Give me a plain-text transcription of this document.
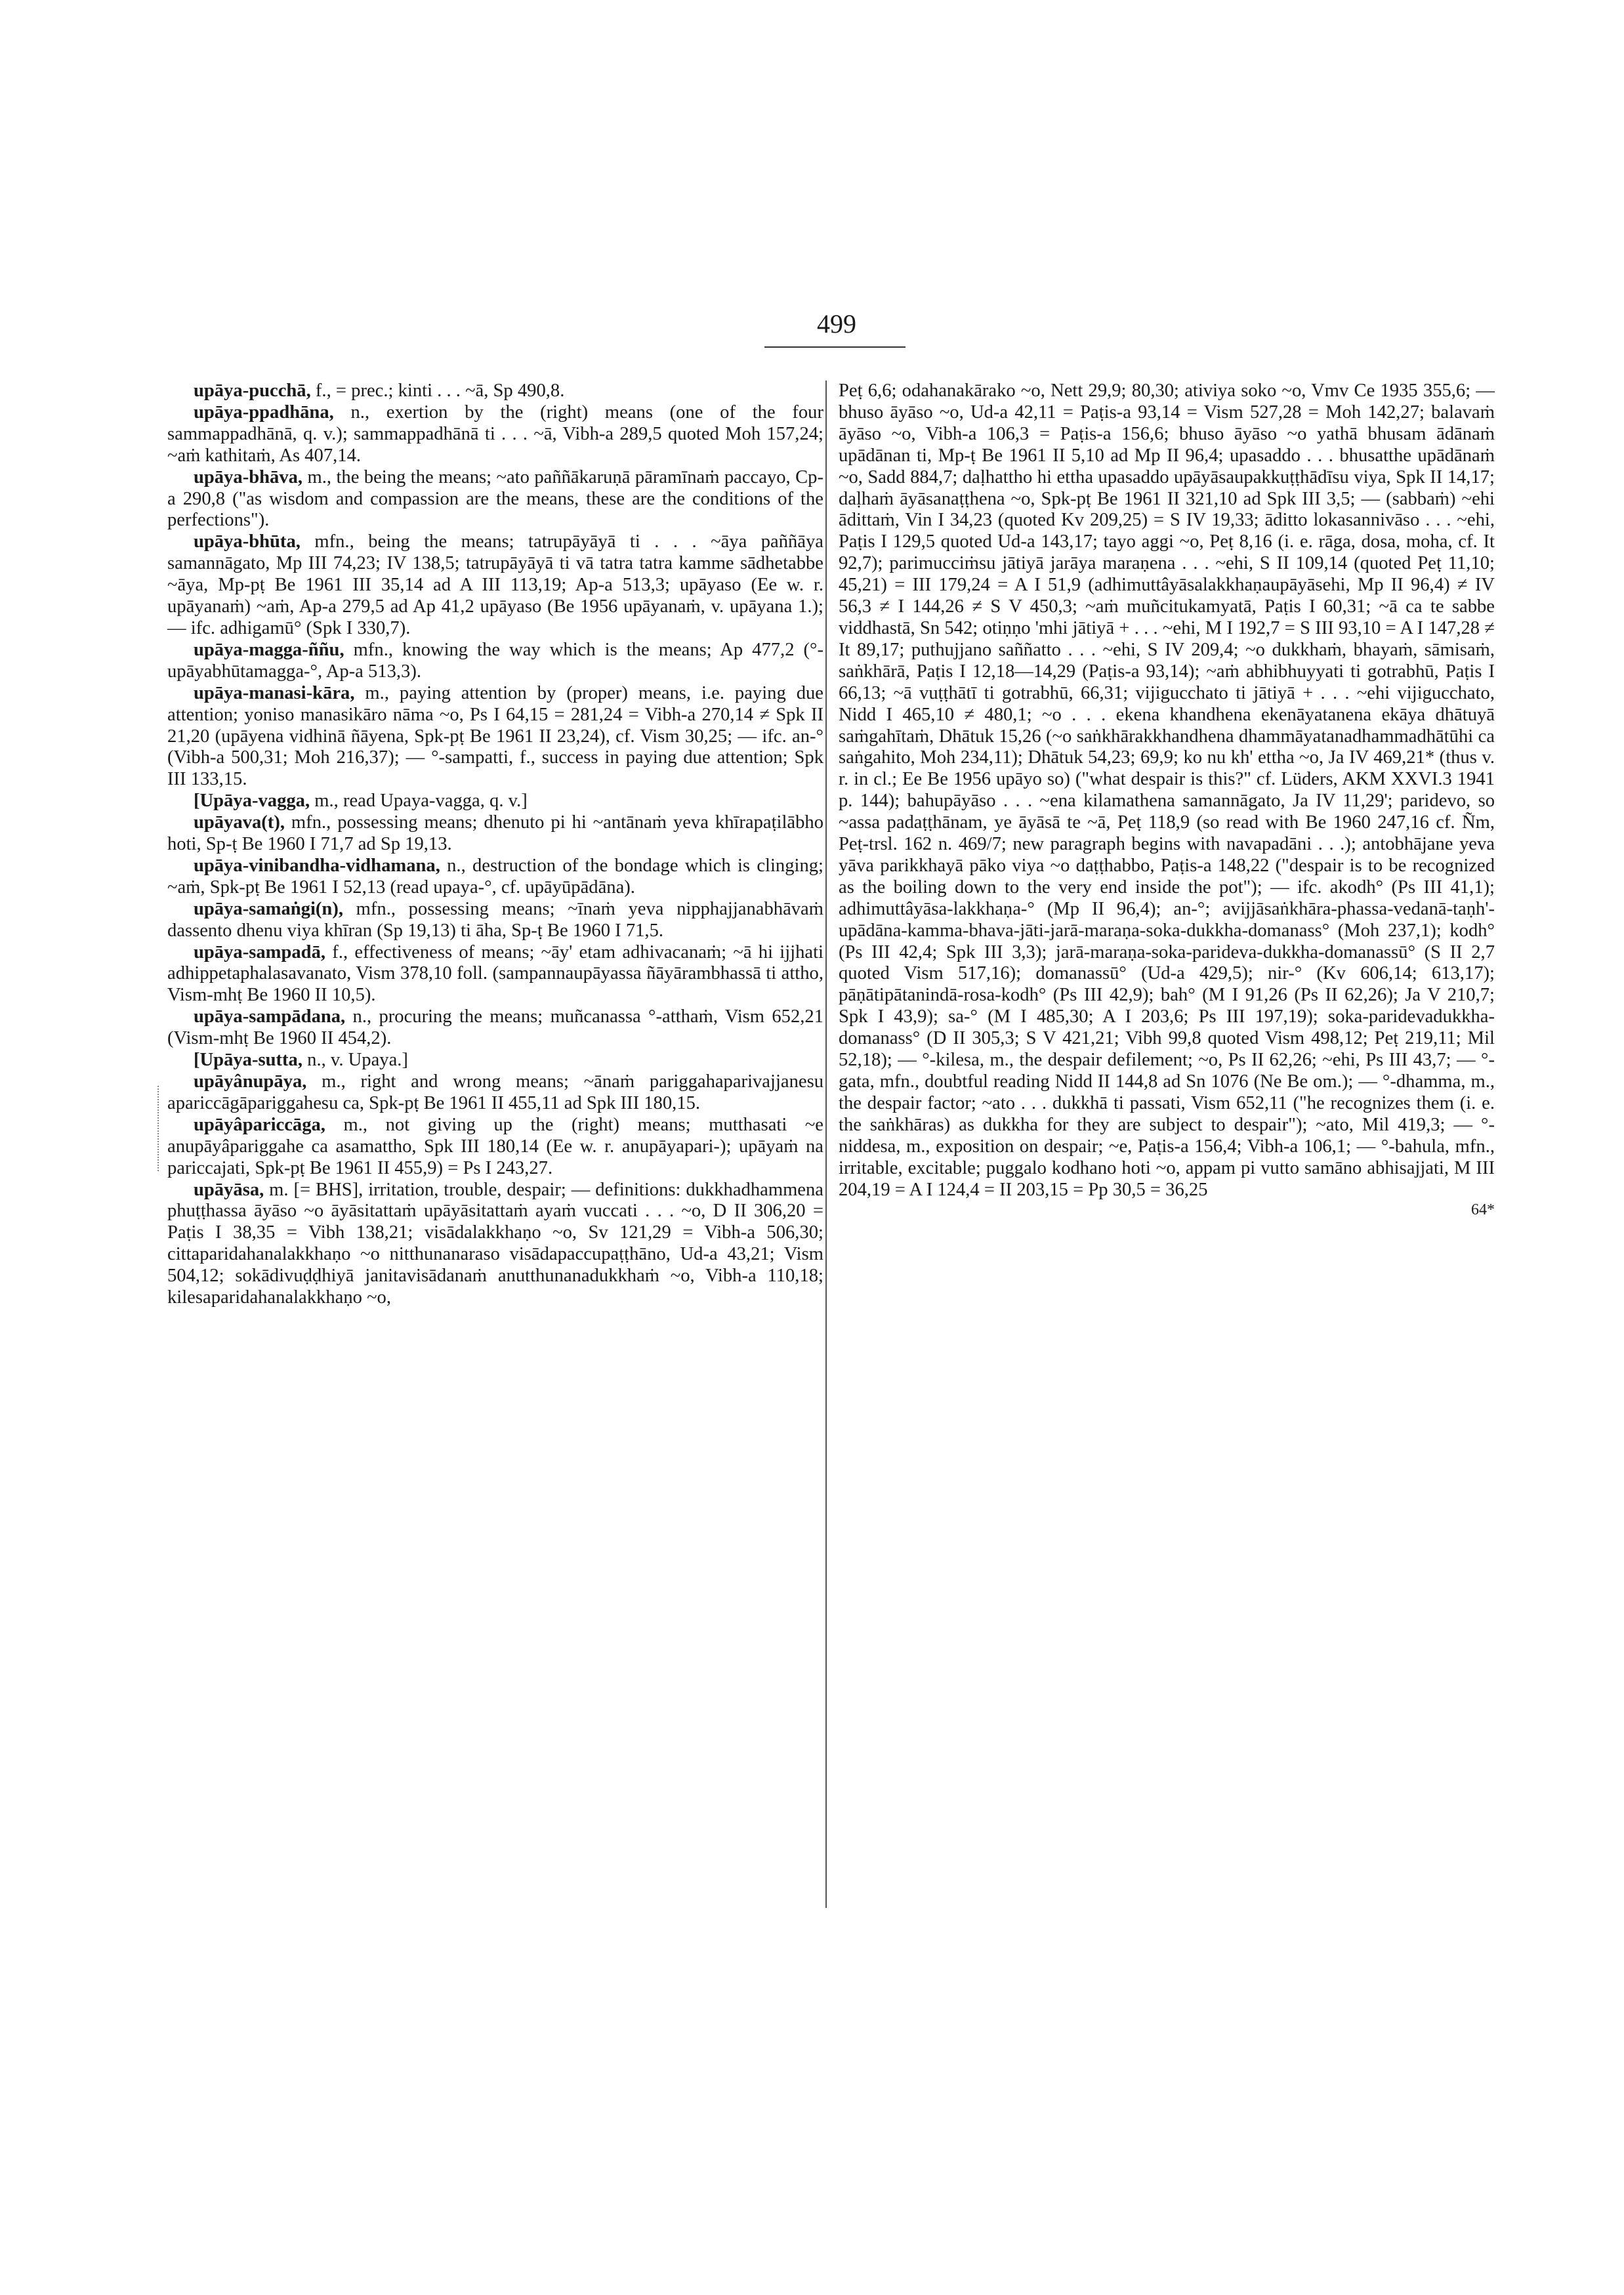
499

upāya-pucchā, f., = prec.; kinti . . . ~ā, Sp 490,8.

upāya-ppadhāna, n., exertion by the (right) means (one of the four sammappadhānā, q. v.); sammappadhānā ti . . . ~ā, Vibh-a 289,5 quoted Moh 157,24; ~aṁ kathitaṁ, As 407,14.

upāya-bhāva, m., the being the means; ~ato paññākaruṇā pāramīnaṁ paccayo, Cp-a 290,8 ("as wisdom and compassion are the means, these are the conditions of the perfections").

upāya-bhūta, mfn., being the means; tatrupāyāyā ti . . . ~āya paññāya samannāgato, Mp III 74,23; IV 138,5; tatrupāyāyā ti vā tatra tatra kamme sādhetabbe ~āya, Mp-pṭ Be 1961 III 35,14 ad A III 113,19; Ap-a 513,3; upāyaso (Ee w. r. upāyanaṁ) ~aṁ, Ap-a 279,5 ad Ap 41,2 upāyaso (Be 1956 upāyanaṁ, v. upāyana 1.); — ifc. adhigamū° (Spk I 330,7).

upāya-magga-ññu, mfn., knowing the way which is the means; Ap 477,2 (°-upāyabhūtamagga-°, Ap-a 513,3).

upāya-manasi-kāra, m., paying attention by (proper) means, i.e. paying due attention; yoniso manasikāro nāma ~o, Ps I 64,15 = 281,24 = Vibh-a 270,14 ≠ Spk II 21,20 (upāyena vidhinā ñāyena, Spk-pṭ Be 1961 II 23,24), cf. Vism 30,25; — ifc. an-° (Vibh-a 500,31; Moh 216,37); — °-sampatti, f., success in paying due attention; Spk III 133,15.

[Upāya-vagga, m., read Upaya-vagga, q. v.]

upāyava(t), mfn., possessing means; dhenuto pi hi ~antānaṁ yeva khīrapaṭilābho hoti, Sp-ṭ Be 1960 I 71,7 ad Sp 19,13.

upāya-vinibandha-vidhamana, n., destruction of the bondage which is clinging; ~aṁ, Spk-pṭ Be 1961 I 52,13 (read upaya-°, cf. upāyūpādāna).

upāya-samaṅgi(n), mfn., possessing means; ~īnaṁ yeva nipphajjanabhāvaṁ dassento dhenu viya khīran (Sp 19,13) ti āha, Sp-ṭ Be 1960 I 71,5.

upāya-sampadā, f., effectiveness of means; ~āy' etam adhivacanaṁ; ~ā hi ijjhati adhippetaphalasavanato, Vism 378,10 foll. (sampannaupāyassa ñāyārambhassā ti attho, Vism-mhṭ Be 1960 II 10,5).

upāya-sampādana, n., procuring the means; muñcanassa °-atthaṁ, Vism 652,21 (Vism-mhṭ Be 1960 II 454,2).

[Upāya-sutta, n., v. Upaya.]

upāyânupāya, m., right and wrong means; ~ānaṁ pariggahaparivajjanesu apariccāgāpariggahesu ca, Spk-pṭ Be 1961 II 455,11 ad Spk III 180,15.

upāyâpariccāga, m., not giving up the (right) means; mutthasati ~e anupāyâpariggahe ca asamattho, Spk III 180,14 (Ee w. r. anupāyapari-); upāyaṁ na pariccajati, Spk-pṭ Be 1961 II 455,9) = Ps I 243,27.

upāyāsa, m. [= BHS], irritation, trouble, despair; — definitions: dukkhadhammena phuṭṭhassa āyāso ~o āyāsitattaṁ upāyāsitattaṁ ayaṁ vuccati . . . ~o, D II 306,20 = Paṭis I 38,35 = Vibh 138,21; visādalakkhaṇo ~o, Sv 121,29 = Vibh-a 506,30; cittaparidahanalakkhaṇo ~o nitthunanaraso visādapaccupaṭṭhāno, Ud-a 43,21; Vism 504,12; sokādivuḍḍhiyā janitavisādanaṁ anutthunanadukkhaṁ ~o, Vibh-a 110,18; kilesaparidahanalakkhaṇo ~o,

Peṭ 6,6; odahanakārako ~o, Nett 29,9; 80,30; ativiya soko ~o, Vmv Ce 1935 355,6; — bhuso āyāso ~o, Ud-a 42,11 = Paṭis-a 93,14 = Vism 527,28 = Moh 142,27; balavaṁ āyāso ~o, Vibh-a 106,3 = Paṭis-a 156,6; bhuso āyāso ~o yathā bhusam ādānaṁ upādānan ti, Mp-ṭ Be 1961 II 5,10 ad Mp II 96,4; upasaddo . . . bhusatthe upādānaṁ ~o, Sadd 884,7; daḷhattho hi ettha upasaddo upāyāsaupakkuṭṭhādīsu viya, Spk II 14,17; daḷhaṁ āyāsanaṭṭhena ~o, Spk-pṭ Be 1961 II 321,10 ad Spk III 3,5; — (sabbaṁ) ~ehi ādittaṁ, Vin I 34,23 (quoted Kv 209,25) = S IV 19,33; āditto lokasannivāso . . . ~ehi, Paṭis I 129,5 quoted Ud-a 143,17; tayo aggi ~o, Peṭ 8,16 (i. e. rāga, dosa, moha, cf. It 92,7); parimucciṁsu jātiyā jarāya maraṇena . . . ~ehi, S II 109,14 (quoted Peṭ 11,10; 45,21) = III 179,24 = A I 51,9 (adhimuttâyāsalakkhaṇaupāyāsehi, Mp II 96,4) ≠ IV 56,3 ≠ I 144,26 ≠ S V 450,3; ~aṁ muñcitukamyatā, Paṭis I 60,31; ~ā ca te sabbe viddhastā, Sn 542; otiṇṇo 'mhi jātiyā + . . . ~ehi, M I 192,7 = S III 93,10 = A I 147,28 ≠ It 89,17; puthujjano saññatto . . . ~ehi, S IV 209,4; ~o dukkhaṁ, bhayaṁ, sāmisaṁ, saṅkhārā, Paṭis I 12,18—14,29 (Paṭis-a 93,14); ~aṁ abhibhuyyati ti gotrabhū, Paṭis I 66,13; ~ā vuṭṭhātī ti gotrabhū, 66,31; vijigucchato ti jātiyā + . . . ~ehi vijigucchato, Nidd I 465,10 ≠ 480,1; ~o . . . ekena khandhena ekenāyatanena ekāya dhātuyā saṁgahītaṁ, Dhātuk 15,26 (~o saṅkhārakkhandhena dhammāyatanadhammadhātūhi ca saṅgahito, Moh 234,11); Dhātuk 54,23; 69,9; ko nu kh' ettha ~o, Ja IV 469,21* (thus v. r. in cl.; Ee Be 1956 upāyo so) ("what despair is this?" cf. Lüders, AKM XXVI.3 1941 p. 144); bahupāyāso . . . ~ena kilamathena samannāgato, Ja IV 11,29'; paridevo, so ~assa padaṭṭhānam, ye āyāsā te ~ā, Peṭ 118,9 (so read with Be 1960 247,16 cf. Ñm, Peṭ-trsl. 162 n. 469/7; new paragraph begins with navapadāni . . .); antobhājane yeva yāva parikkhayā pāko viya ~o daṭṭhabbo, Paṭis-a 148,22 ("despair is to be recognized as the boiling down to the very end inside the pot"); — ifc. akodh° (Ps III 41,1); adhimuttâyāsa-lakkhaṇa-° (Mp II 96,4); an-°; avijjāsaṅkhāra-phassa-vedanā-taṇh'-upādāna-kamma-bhava-jāti-jarā-maraṇa-soka-dukkha-domanass° (Moh 237,1); kodh° (Ps III 42,4; Spk III 3,3); jarā-maraṇa-soka-parideva-dukkha-domanassū° (S II 2,7 quoted Vism 517,16); domanassū° (Ud-a 429,5); nir-° (Kv 606,14; 613,17); pāṇātipātanindā-rosa-kodh° (Ps III 42,9); bah° (M I 91,26 (Ps II 62,26); Ja V 210,7; Spk I 43,9); sa-° (M I 485,30; A I 203,6; Ps III 197,19); soka-paridevadukkha-domanass° (D II 305,3; S V 421,21; Vibh 99,8 quoted Vism 498,12; Peṭ 219,11; Mil 52,18); — °-kilesa, m., the despair defilement; ~o, Ps II 62,26; ~ehi, Ps III 43,7; — °-gata, mfn., doubtful reading Nidd II 144,8 ad Sn 1076 (Ne Be om.); — °-dhamma, m., the despair factor; ~ato . . . dukkhā ti passati, Vism 652,11 ("he recognizes them (i. e. the saṅkhāras) as dukkha for they are subject to despair"); ~ato, Mil 419,3; — °-niddesa, m., exposition on despair; ~e, Paṭis-a 156,4; Vibh-a 106,1; — °-bahula, mfn., irritable, excitable; puggalo kodhano hoti ~o, appam pi vutto samāno abhisajjati, M III 204,19 = A I 124,4 = II 203,15 = Pp 30,5 = 36,25

64*
